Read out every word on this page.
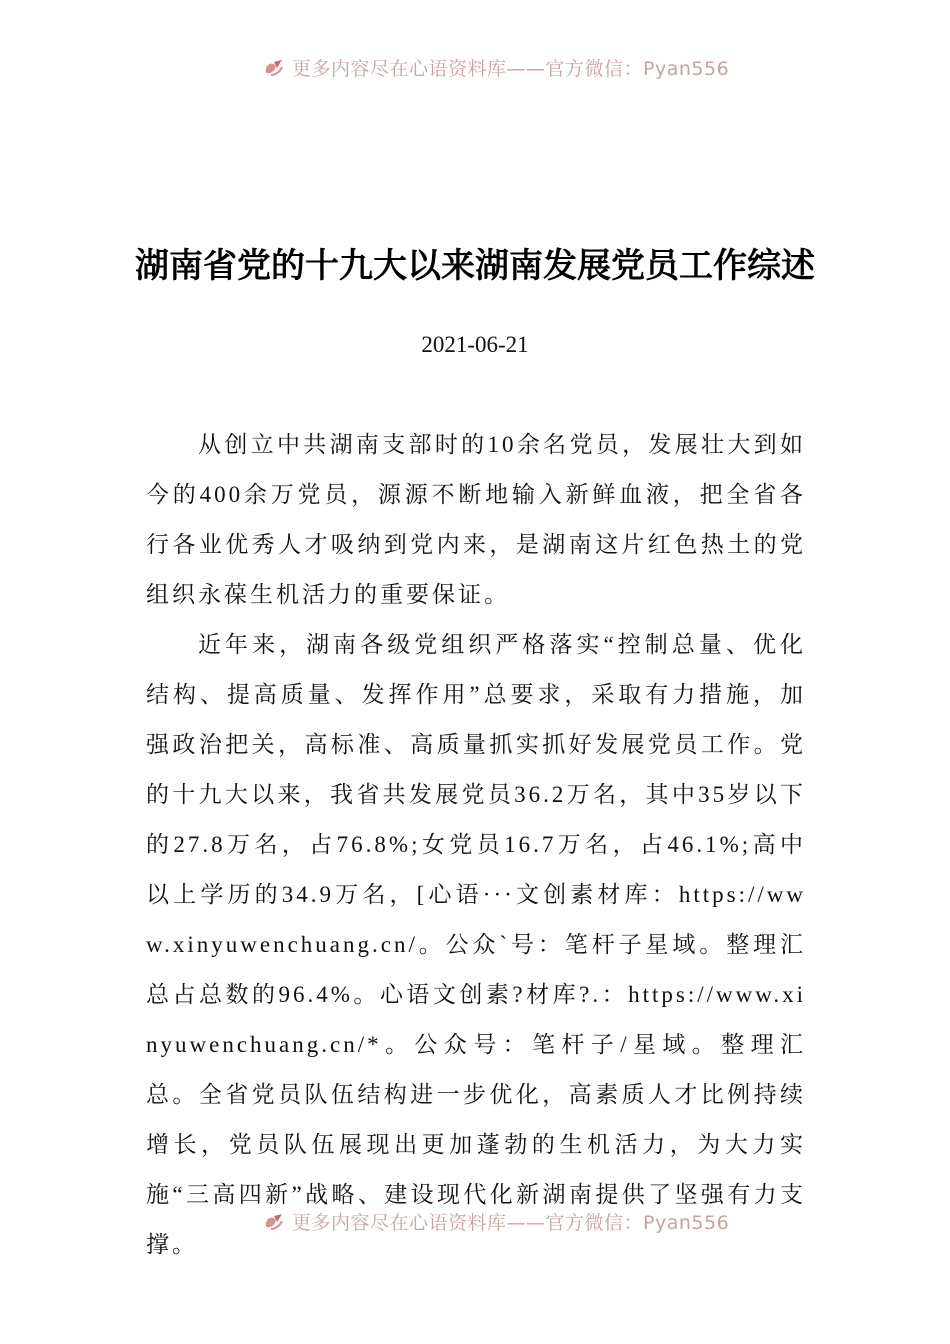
更多内容尽在心语资料库——官方微信：Pyan556
湖南省党的十九大以来湖南发展党员工作综述
2021-06-21

从创立中共湖南支部时的10余名党员，发展壮大到如今的400余万党员，源源不断地输入新鲜血液，把全省各行各业优秀人才吸纳到党内来，是湖南这片红色热土的党组织永葆生机活力的重要保证。

近年来，湖南各级党组织严格落实“控制总量、优化结构、提高质量、发挥作用”总要求，采取有力措施，加强政治把关，高标准、高质量抓实抓好发展党员工作。党的十九大以来，我省共发展党员36.2万名，其中35岁以下的27.8万名，占76.8%;女党员16.7万名，占46.1%;高中以上学历的34.9万名，[心语···文创素材库：https://www.xinyuwenchuang.cn/。公众`号：笔杆子星域。整理汇总占总数的96.4%。心语文创素?材库?.：https://www.xinyuwenchuang.cn/*。公众号：笔杆子/星域。整理汇总。全省党员队伍结构进一步优化，高素质人才比例持续增长，党员队伍展现出更加蓬勃的生机活力，为大力实施“三高四新”战略、建设现代化新湖南提供了坚强有力支撑。

更多内容尽在心语资料库——官方微信：Pyan556
